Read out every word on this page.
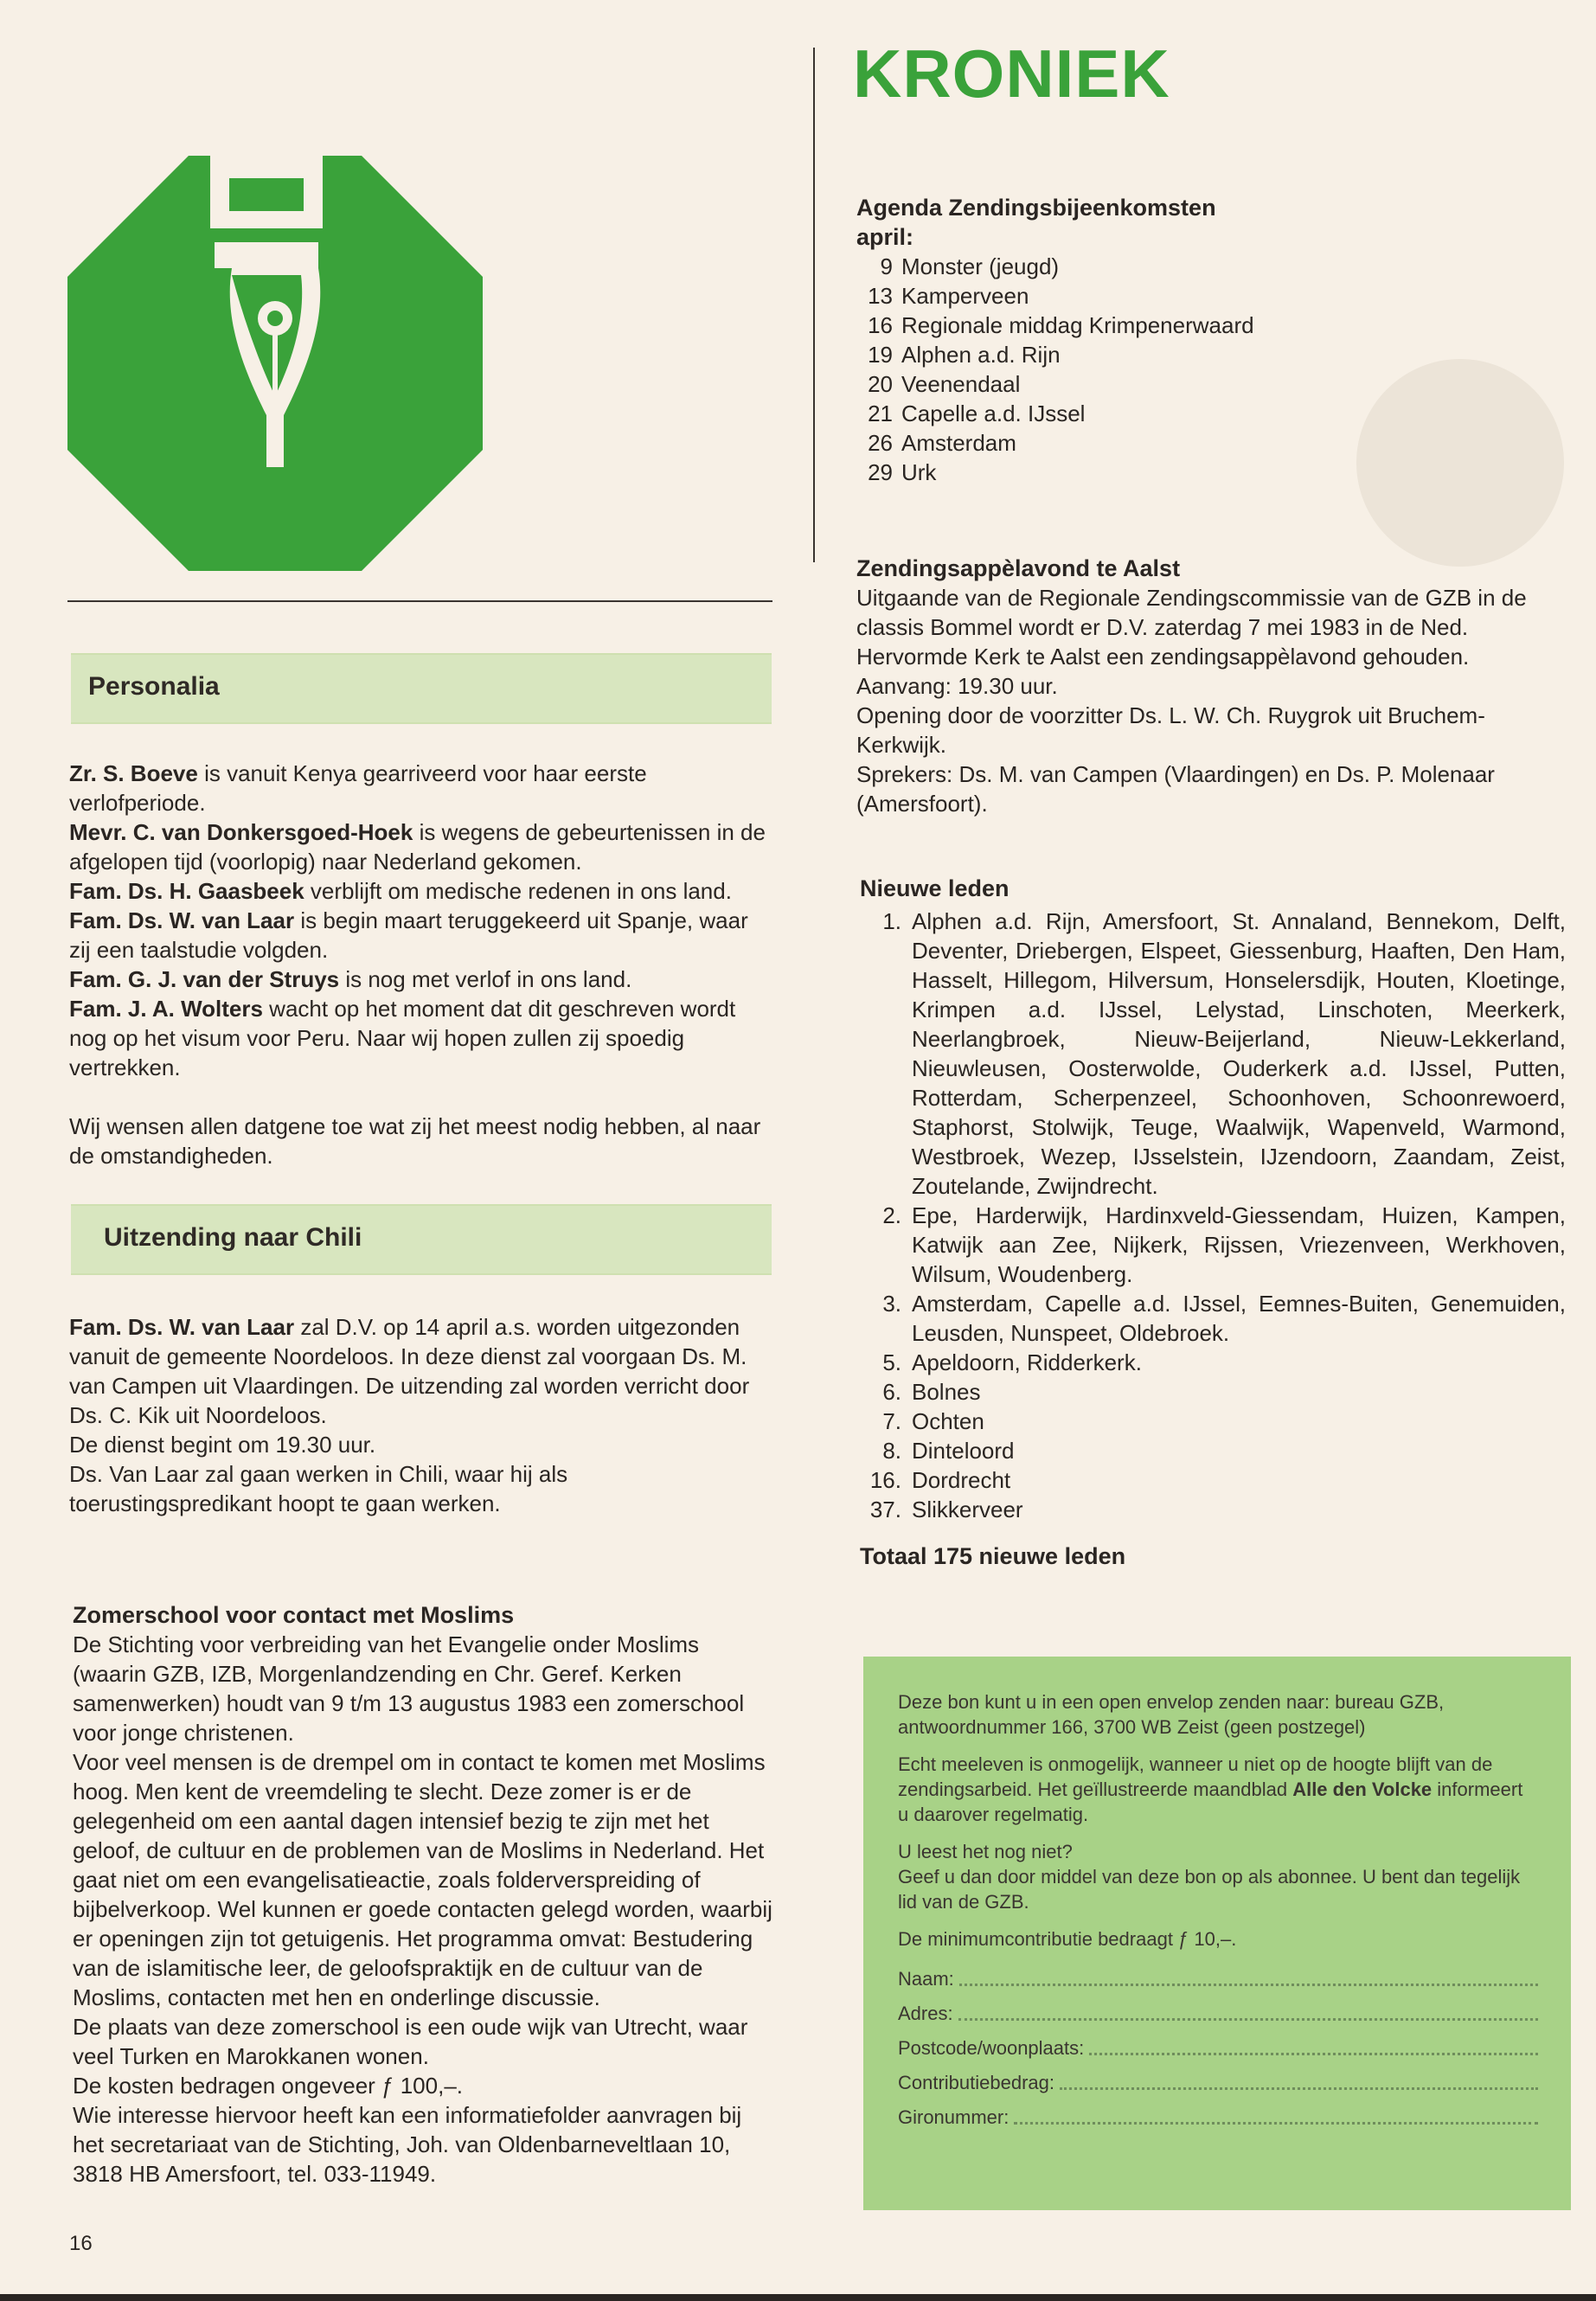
KRONIEK
Agenda Zendingsbijeenkomsten
april:
9 Monster (jeugd)
13 Kamperveen
16 Regionale middag Krimpenerwaard
19 Alphen a.d. Rijn
20 Veenendaal
21 Capelle a.d. IJssel
26 Amsterdam
29 Urk
Zendingsappèlavond te Aalst

Uitgaande van de Regionale Zendingscommissie van de GZB in de classis Bommel wordt er D.V. zaterdag 7 mei 1983 in de Ned. Hervormde Kerk te Aalst een zendingsappèlavond gehouden.

Aanvang: 19.30 uur.

Opening door de voorzitter Ds. L. W. Ch. Ruygrok uit Bruchem-Kerkwijk.

Sprekers: Ds. M. van Campen (Vlaardingen) en Ds. P. Molenaar (Amersfoort).

Nieuwe leden
1. Alphen a.d. Rijn, Amersfoort, St. Annaland, Bennekom, Delft, Deventer, Driebergen, Elspeet, Giessenburg, Haaften, Den Ham, Hasselt, Hillegom, Hilversum, Honselersdijk, Houten, Kloetinge, Krimpen a.d. IJssel, Lelystad, Linschoten, Meerkerk, Neerlangbroek, Nieuw-Beijerland, Nieuw-Lekkerland, Nieuwleusen, Oosterwolde, Ouderkerk a.d. IJssel, Putten, Rotterdam, Scherpenzeel, Schoonhoven, Schoonrewoerd, Staphorst, Stolwijk, Teuge, Waalwijk, Wapenveld, Warmond, Westbroek, Wezep, IJsselstein, IJzendoorn, Zaandam, Zeist, Zoutelande, Zwijndrecht.
2. Epe, Harderwijk, Hardinxveld-Giessendam, Huizen, Kampen, Katwijk aan Zee, Nijkerk, Rijssen, Vriezenveen, Werkhoven, Wilsum, Woudenberg.
3. Amsterdam, Capelle a.d. IJssel, Eemnes-Buiten, Genemuiden, Leusden, Nunspeet, Oldebroek.
5. Apeldoorn, Ridderkerk.
6. Bolnes
7. Ochten
8. Dinteloord
16. Dordrecht
37. Slikkerveer
Totaal 175 nieuwe leden
Personalia

Zr. S. Boeve is vanuit Kenya gearriveerd voor haar eerste verlofperiode.

Mevr. C. van Donkersgoed-Hoek is wegens de gebeurtenissen in de afgelopen tijd (voorlopig) naar Nederland gekomen.

Fam. Ds. H. Gaasbeek verblijft om medische redenen in ons land.

Fam. Ds. W. van Laar is begin maart teruggekeerd uit Spanje, waar zij een taalstudie volgden.

Fam. G. J. van der Struys is nog met verlof in ons land.

Fam. J. A. Wolters wacht op het moment dat dit geschreven wordt nog op het visum voor Peru. Naar wij hopen zullen zij spoedig vertrekken.

Wij wensen allen datgene toe wat zij het meest nodig hebben, al naar de omstandigheden.

Uitzending naar Chili

Fam. Ds. W. van Laar zal D.V. op 14 april a.s. worden uitgezonden vanuit de gemeente Noordeloos. In deze dienst zal voorgaan Ds. M. van Campen uit Vlaardingen. De uitzending zal worden verricht door Ds. C. Kik uit Noordeloos.

De dienst begint om 19.30 uur.

Ds. Van Laar zal gaan werken in Chili, waar hij als toerustingspredikant hoopt te gaan werken.

Zomerschool voor contact met Moslims

De Stichting voor verbreiding van het Evangelie onder Moslims (waarin GZB, IZB, Morgenlandzending en Chr. Geref. Kerken samenwerken) houdt van 9 t/m 13 augustus 1983 een zomerschool voor jonge christenen.

Voor veel mensen is de drempel om in contact te komen met Moslims hoog. Men kent de vreemdeling te slecht. Deze zomer is er de gelegenheid om een aantal dagen intensief bezig te zijn met het geloof, de cultuur en de problemen van de Moslims in Nederland. Het gaat niet om een evangelisatieactie, zoals folderverspreiding of bijbelverkoop. Wel kunnen er goede contacten gelegd worden, waarbij er openingen zijn tot getuigenis. Het programma omvat: Bestudering van de islamitische leer, de geloofspraktijk en de cultuur van de Moslims, contacten met hen en onderlinge discussie.

De plaats van deze zomerschool is een oude wijk van Utrecht, waar veel Turken en Marokkanen wonen.

De kosten bedragen ongeveer ƒ 100,–.

Wie interesse hiervoor heeft kan een informatiefolder aanvragen bij het secretariaat van de Stichting, Joh. van Oldenbarneveltlaan 10, 3818 HB Amersfoort, tel. 033-11949.

Deze bon kunt u in een open envelop zenden naar: bureau GZB, antwoordnummer 166, 3700 WB Zeist (geen postzegel)

Echt meeleven is onmogelijk, wanneer u niet op de hoogte blijft van de zendingsarbeid. Het geïllustreerde maandblad Alle den Volcke informeert u daarover regelmatig.

U leest het nog niet?

Geef u dan door middel van deze bon op als abonnee. U bent dan tegelijk lid van de GZB.

De minimumcontributie bedraagt ƒ 10,–.

Naam:
Adres:
Postcode/woonplaats:
Contributiebedrag:
Gironummer:
16
